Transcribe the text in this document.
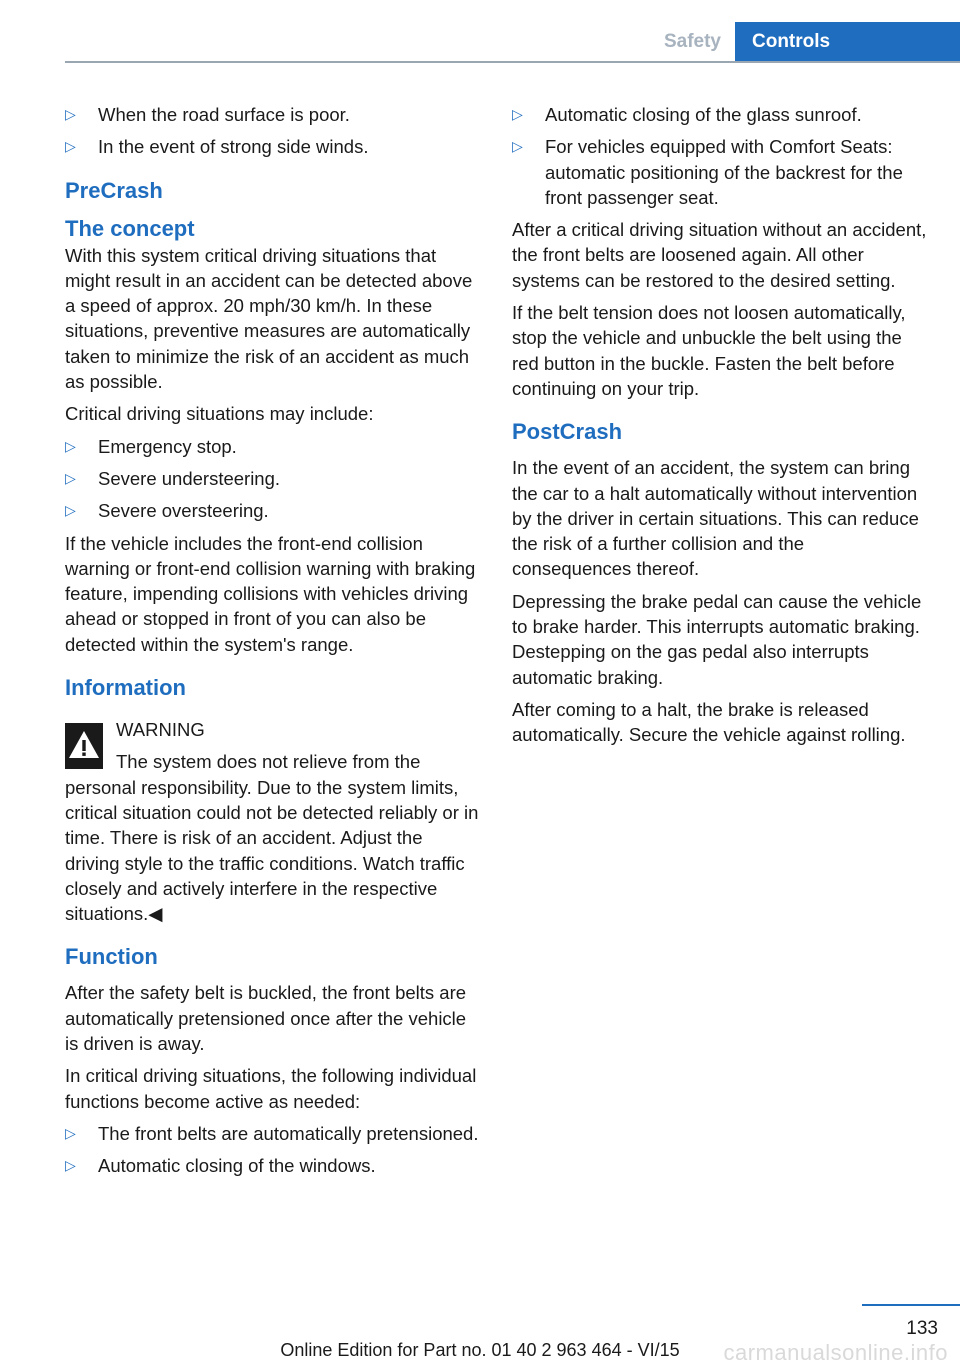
Safety	Controls
▷ When the road surface is poor.
▷ In the event of strong side winds.
PreCrash
The concept
With this system critical driving situations that might result in an accident can be detected above a speed of approx. 20 mph/30 km/h. In these situations, preventive measures are automatically taken to minimize the risk of an accident as much as possible.
Critical driving situations may include:
▷ Emergency stop.
▷ Severe understeering.
▷ Severe oversteering.
If the vehicle includes the front-end collision warning or front-end collision warning with braking feature, impending collisions with vehicles driving ahead or stopped in front of you can also be detected within the system's range.
Information
WARNING
The system does not relieve from the personal responsibility. Due to the system limits, critical situation could not be detected reliably or in time. There is risk of an accident. Adjust the driving style to the traffic conditions. Watch traffic closely and actively interfere in the respective situations.◀
Function
After the safety belt is buckled, the front belts are automatically pretensioned once after the vehicle is driven is away.
In critical driving situations, the following individual functions become active as needed:
▷ The front belts are automatically pretensioned.
▷ Automatic closing of the windows.
▷ Automatic closing of the glass sunroof.
▷ For vehicles equipped with Comfort Seats: automatic positioning of the backrest for the front passenger seat.
After a critical driving situation without an accident, the front belts are loosened again. All other systems can be restored to the desired setting.
If the belt tension does not loosen automatically, stop the vehicle and unbuckle the belt using the red button in the buckle. Fasten the belt before continuing on your trip.
PostCrash
In the event of an accident, the system can bring the car to a halt automatically without intervention by the driver in certain situations. This can reduce the risk of a further collision and the consequences thereof.
Depressing the brake pedal can cause the vehicle to brake harder. This interrupts automatic braking. Destepping on the gas pedal also interrupts automatic braking.
After coming to a halt, the brake is released automatically. Secure the vehicle against rolling.
133
Online Edition for Part no. 01 40 2 963 464 - VI/15	carmanualsonline.info
